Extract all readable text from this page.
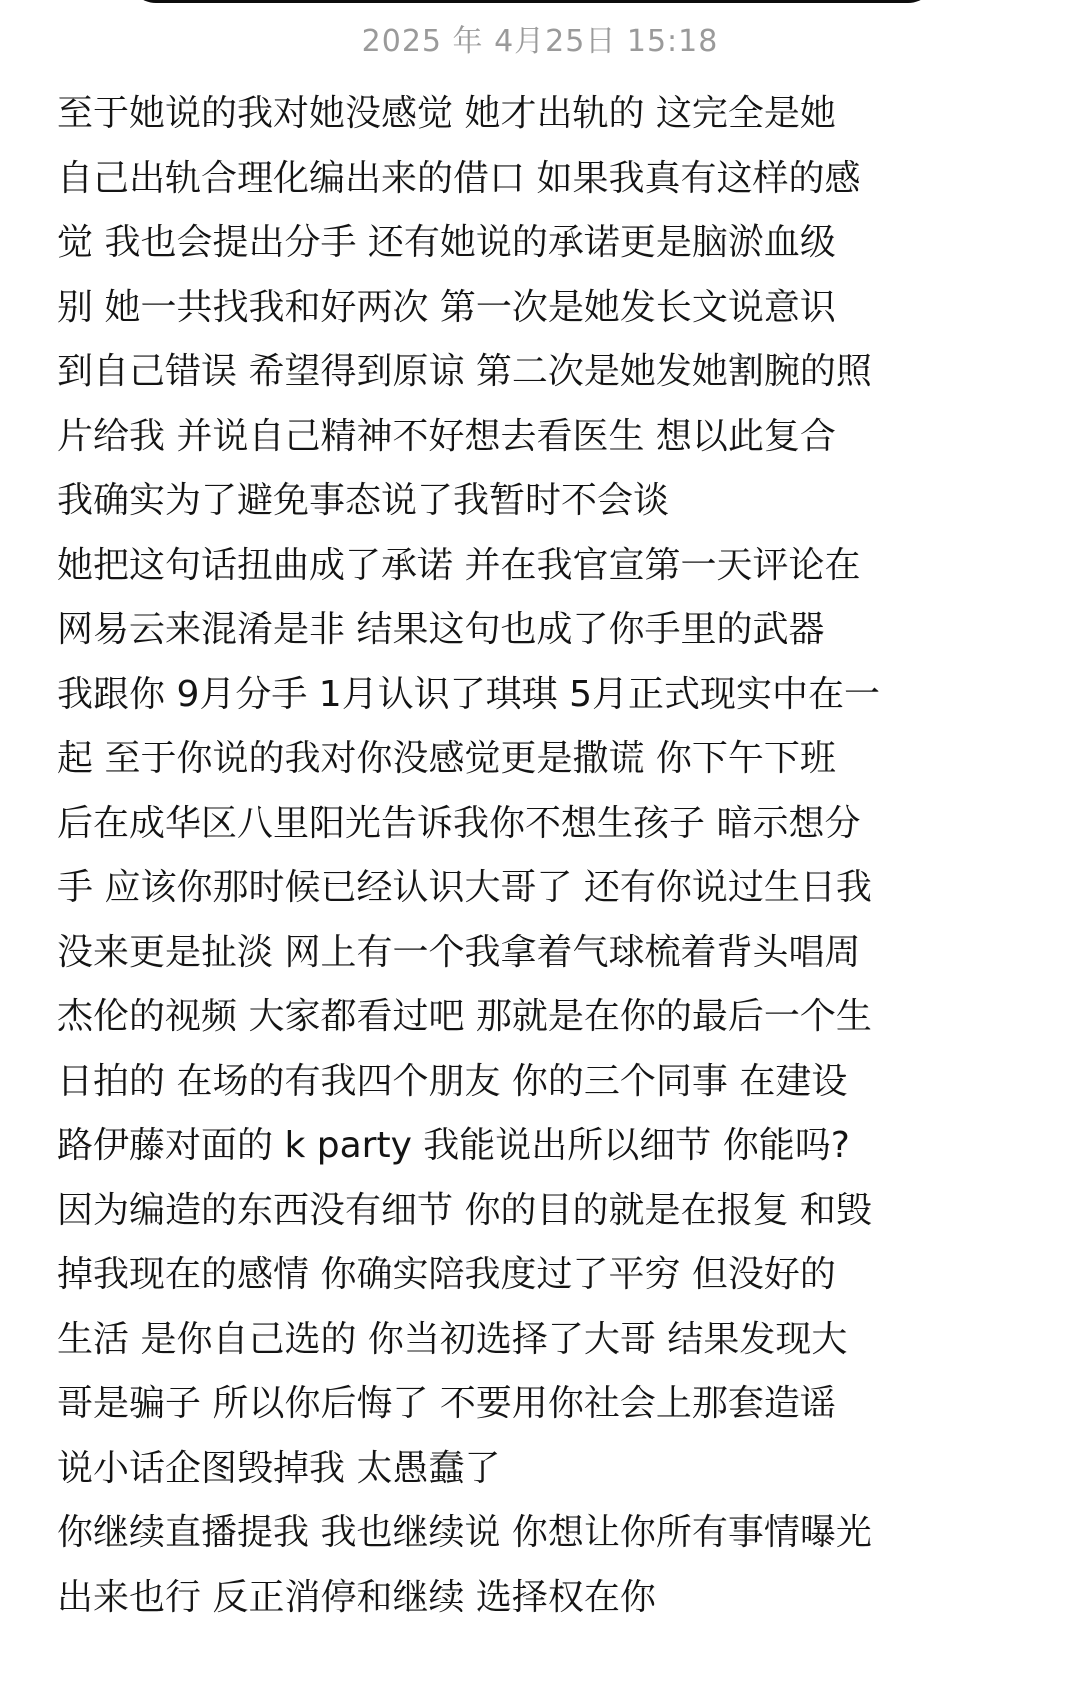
2025 年 4月25日 15:18
至于她说的我对她没感觉 她才出轨的 这完全是她
自己出轨合理化编出来的借口 如果我真有这样的感
觉 我也会提出分手 还有她说的承诺更是脑淤血级
别 她一共找我和好两次 第一次是她发长文说意识
到自己错误 希望得到原谅 第二次是她发她割腕的照
片给我 并说自己精神不好想去看医生 想以此复合
我确实为了避免事态说了我暂时不会谈
她把这句话扭曲成了承诺 并在我官宣第一天评论在
网易云来混淆是非 结果这句也成了你手里的武器
我跟你 9月分手 1月认识了琪琪 5月正式现实中在一
起 至于你说的我对你没感觉更是撒谎 你下午下班
后在成华区八里阳光告诉我你不想生孩子 暗示想分
手 应该你那时候已经认识大哥了 还有你说过生日我
没来更是扯淡 网上有一个我拿着气球梳着背头唱周
杰伦的视频 大家都看过吧 那就是在你的最后一个生
日拍的 在场的有我四个朋友 你的三个同事 在建设
路伊藤对面的 k party 我能说出所以细节 你能吗?
因为编造的东西没有细节 你的目的就是在报复 和毁
掉我现在的感情 你确实陪我度过了平穷 但没好的
生活 是你自己选的 你当初选择了大哥 结果发现大
哥是骗子 所以你后悔了 不要用你社会上那套造谣
说小话企图毁掉我 太愚蠢了
你继续直播提我 我也继续说 你想让你所有事情曝光
出来也行 反正消停和继续 选择权在你
